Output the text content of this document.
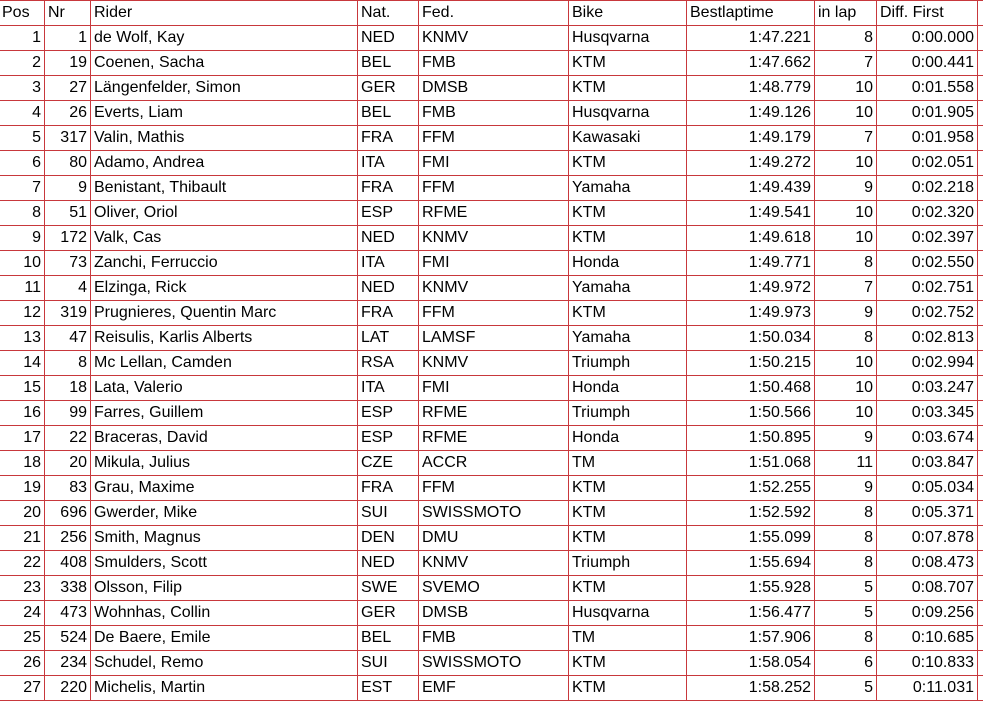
Pos	Nr	Rider	Nat.	Fed.	Bike	Bestlaptime	in lap	Diff. First	
1	1	de Wolf, Kay	NED	KNMV	Husqvarna	1:47.221	8	0:00.000	
2	19	Coenen, Sacha	BEL	FMB	KTM	1:47.662	7	0:00.441	
3	27	Längenfelder, Simon	GER	DMSB	KTM	1:48.779	10	0:01.558	
4	26	Everts, Liam	BEL	FMB	Husqvarna	1:49.126	10	0:01.905	
5	317	Valin, Mathis	FRA	FFM	Kawasaki	1:49.179	7	0:01.958	
6	80	Adamo, Andrea	ITA	FMI	KTM	1:49.272	10	0:02.051	
7	9	Benistant, Thibault	FRA	FFM	Yamaha	1:49.439	9	0:02.218	
8	51	Oliver, Oriol	ESP	RFME	KTM	1:49.541	10	0:02.320	
9	172	Valk, Cas	NED	KNMV	KTM	1:49.618	10	0:02.397	
10	73	Zanchi, Ferruccio	ITA	FMI	Honda	1:49.771	8	0:02.550	
11	4	Elzinga, Rick	NED	KNMV	Yamaha	1:49.972	7	0:02.751	
12	319	Prugnieres, Quentin Marc	FRA	FFM	KTM	1:49.973	9	0:02.752	
13	47	Reisulis, Karlis Alberts	LAT	LAMSF	Yamaha	1:50.034	8	0:02.813	
14	8	Mc Lellan, Camden	RSA	KNMV	Triumph	1:50.215	10	0:02.994	
15	18	Lata, Valerio	ITA	FMI	Honda	1:50.468	10	0:03.247	
16	99	Farres, Guillem	ESP	RFME	Triumph	1:50.566	10	0:03.345	
17	22	Braceras, David	ESP	RFME	Honda	1:50.895	9	0:03.674	
18	20	Mikula, Julius	CZE	ACCR	TM	1:51.068	11	0:03.847	
19	83	Grau, Maxime	FRA	FFM	KTM	1:52.255	9	0:05.034	
20	696	Gwerder, Mike	SUI	SWISSMOTO	KTM	1:52.592	8	0:05.371	
21	256	Smith, Magnus	DEN	DMU	KTM	1:55.099	8	0:07.878	
22	408	Smulders, Scott	NED	KNMV	Triumph	1:55.694	8	0:08.473	
23	338	Olsson, Filip	SWE	SVEMO	KTM	1:55.928	5	0:08.707	
24	473	Wohnhas, Collin	GER	DMSB	Husqvarna	1:56.477	5	0:09.256	
25	524	De Baere, Emile	BEL	FMB	TM	1:57.906	8	0:10.685	
26	234	Schudel, Remo	SUI	SWISSMOTO	KTM	1:58.054	6	0:10.833	
27	220	Michelis, Martin	EST	EMF	KTM	1:58.252	5	0:11.031	
